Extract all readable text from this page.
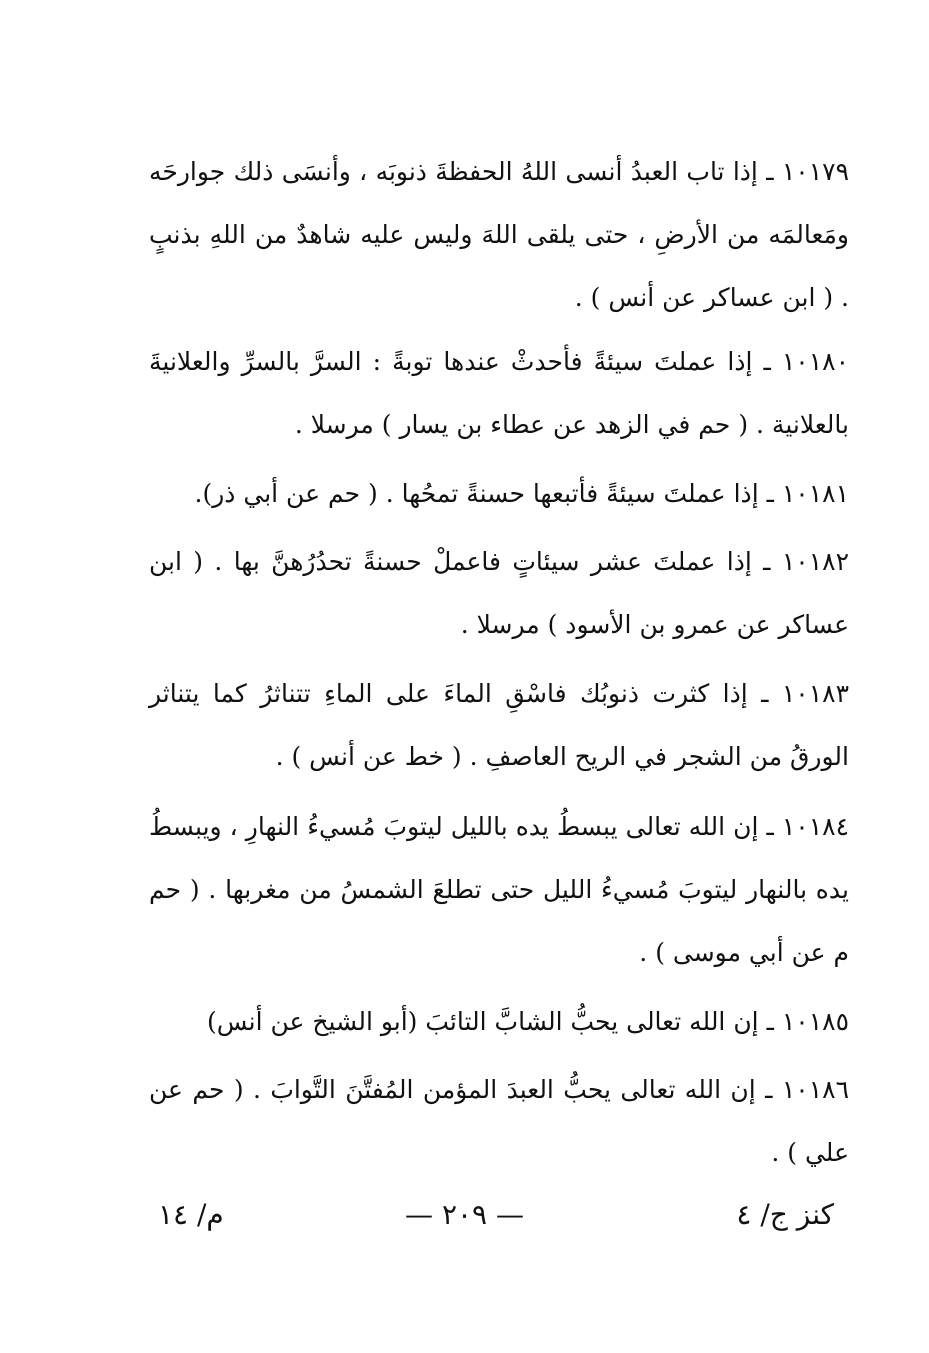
١٠١٧٩ ـ إذا تاب العبدُ أنسى اللهُ الحفظةَ ذنوبَه ، وأنسَى ذلك جوارحَه ومَعالمَه من الأرضِ ، حتى يلقى اللهَ وليس عليه شاهدٌ من اللهِ بذنبٍ . ( ابن عساكر عن أنس ) .
١٠١٨٠ ـ إذا عملتَ سيئةً فأحدثْ عندها توبةً : السرَّ بالسرِّ والعلانيةَ بالعلانية . ( حم في الزهد عن عطاء بن يسار ) مرسلا .
١٠١٨١ ـ إذا عملتَ سيئةً فأتبعها حسنةً تمحُها . ( حم عن أبي ذر).
١٠١٨٢ ـ إذا عملتَ عشر سيئاتٍ فاعملْ حسنةً تحدُرُهنَّ بها . ( ابن عساكر عن عمرو بن الأسود ) مرسلا .
١٠١٨٣ ـ إذا كثرت ذنوبُك فاسْقِ الماءَ على الماءِ تتناثرُ كما يتناثر الورقُ من الشجر في الريح العاصفِ . ( خط عن أنس ) .
١٠١٨٤ ـ إن الله تعالى يبسطُ يده بالليل ليتوبَ مُسيءُ النهارِ ، ويبسطُ يده بالنهار ليتوبَ مُسيءُ الليل حتى تطلعَ الشمسُ من مغربها . ( حم م عن أبي موسى ) .
١٠١٨٥ ـ إن الله تعالى يحبُّ الشابَّ التائبَ (أبو الشيخ عن أنس)
١٠١٨٦ ـ إن الله تعالى يحبُّ العبدَ المؤمن المُفتَّنَ التَّوابَ . ( حم عن علي ) .
كنز ج/ ٤
— ٢٠٩ —
م/ ١٤
